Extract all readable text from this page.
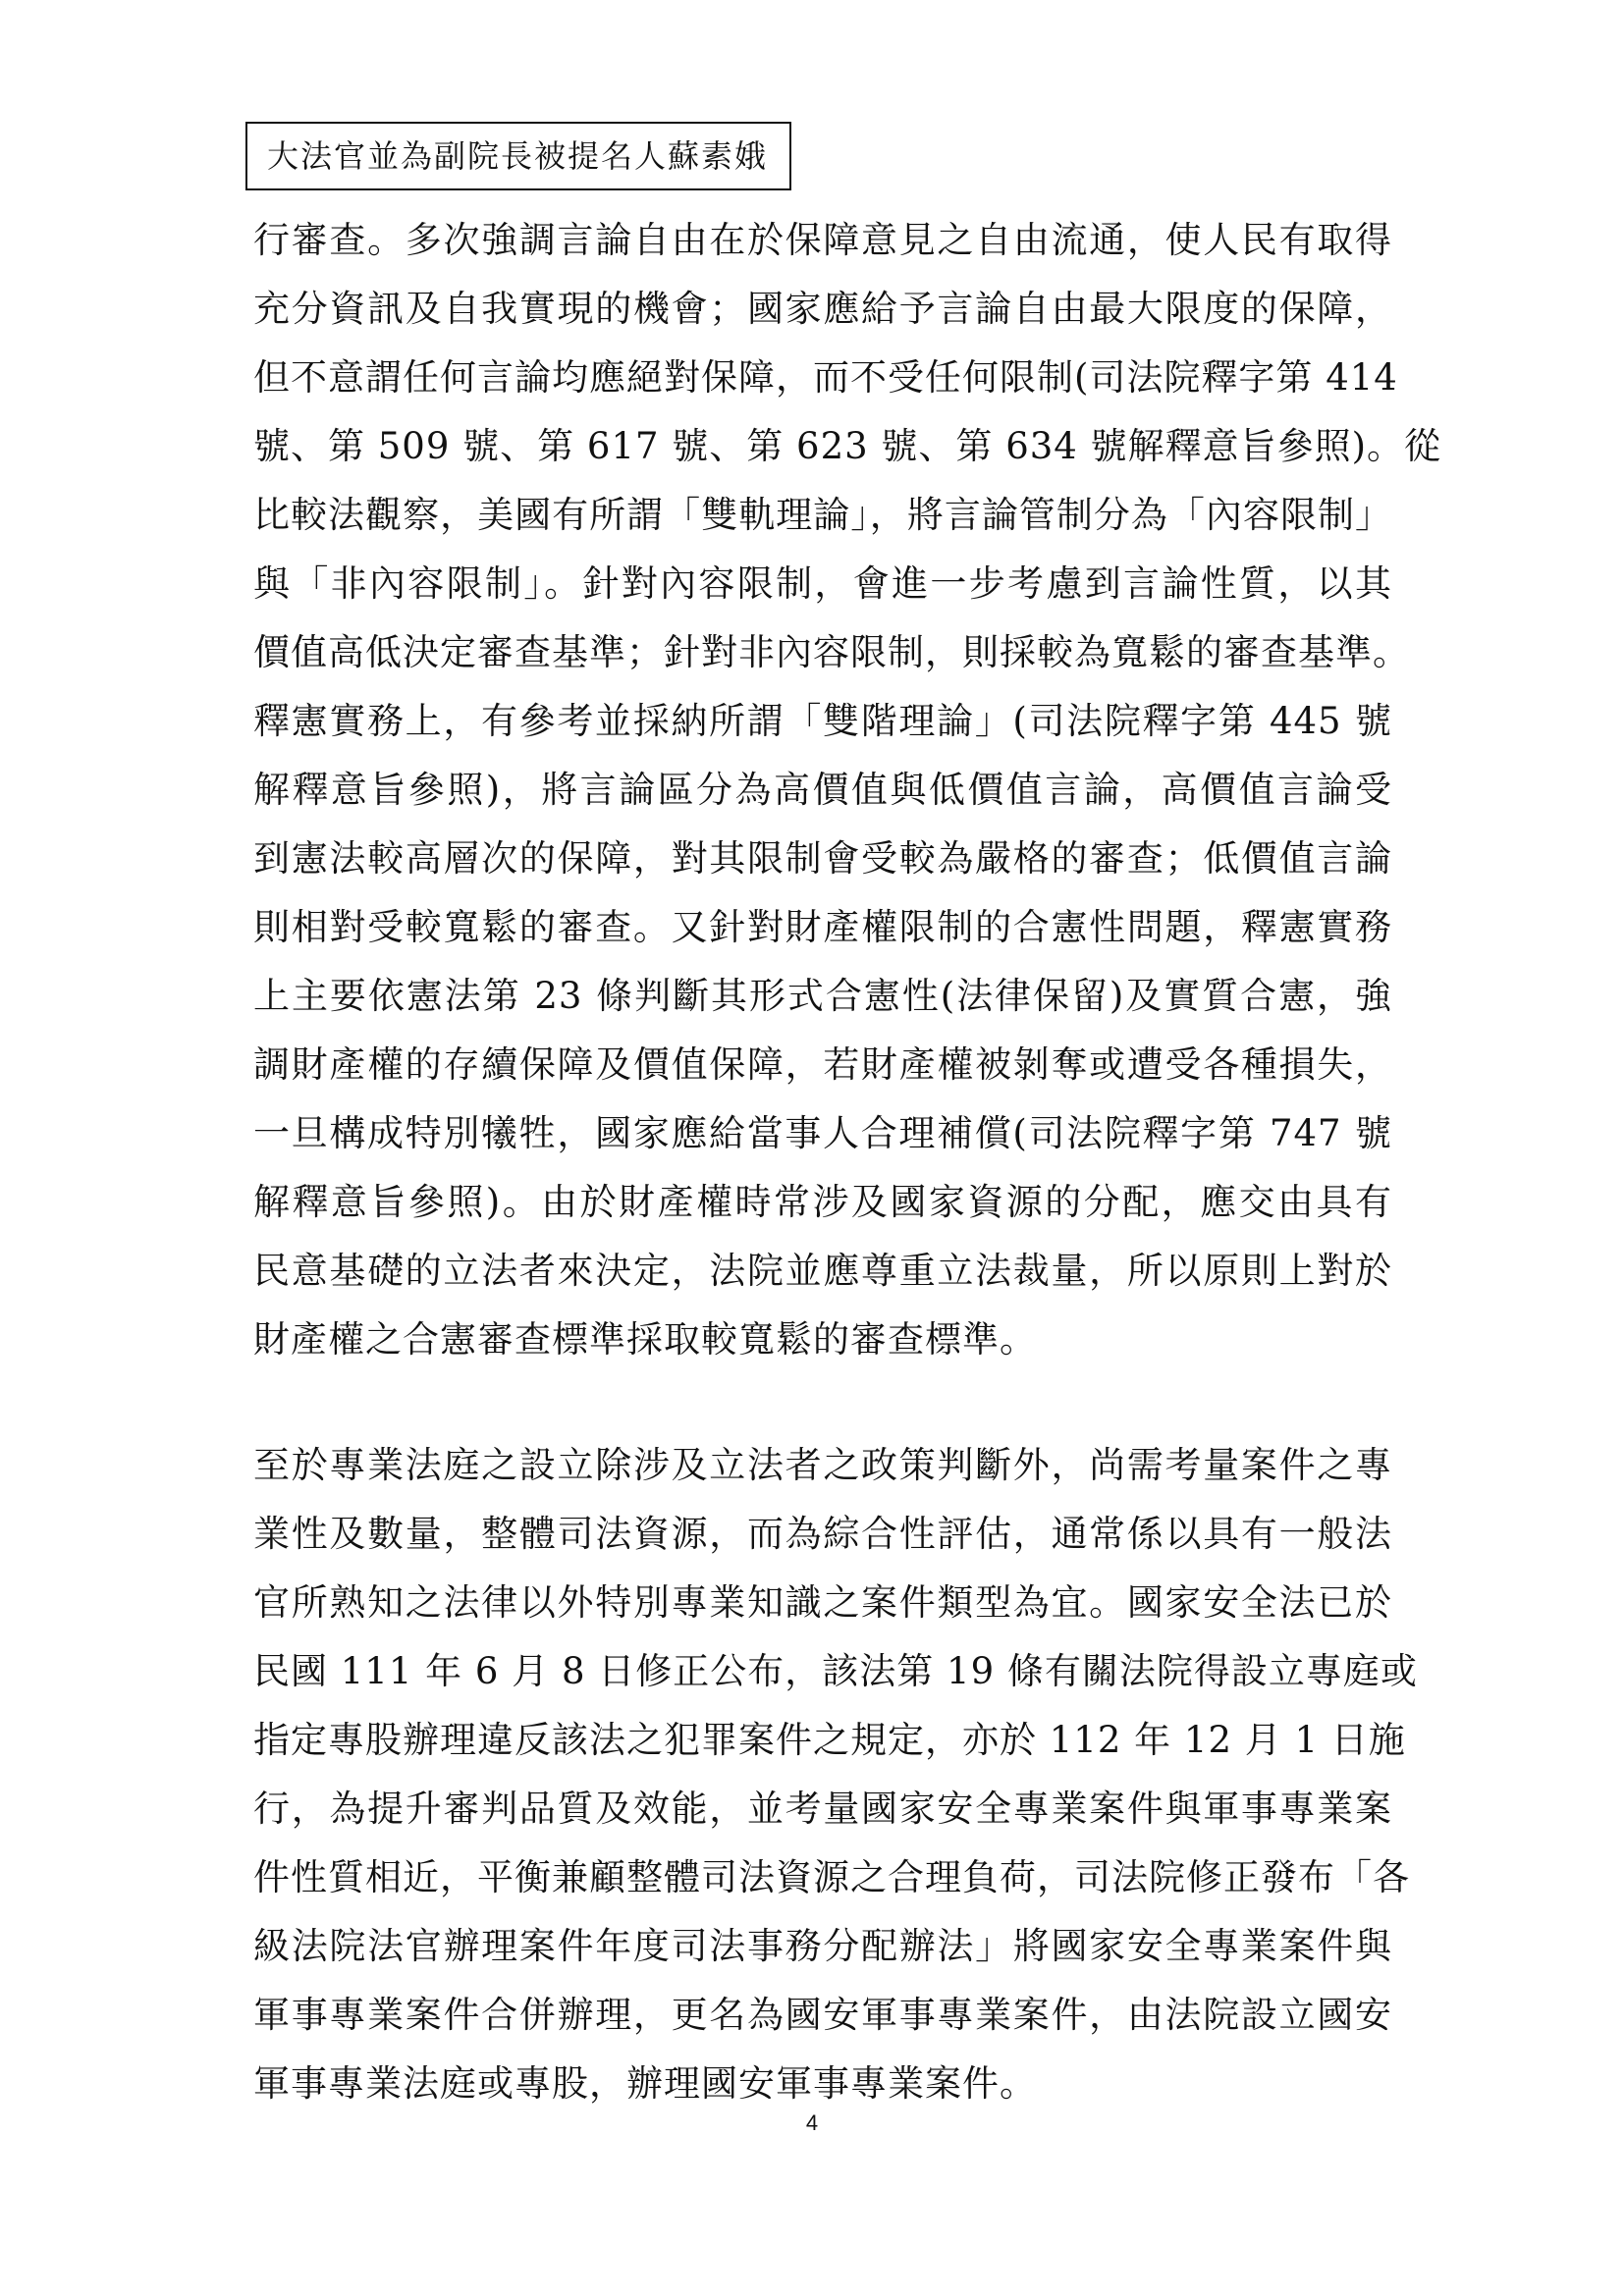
大法官並為副院長被提名人蘇素娥
行審查。多次強調言論自由在於保障意見之自由流通，使人民有取得
充分資訊及自我實現的機會；國家應給予言論自由最大限度的保障，
但不意謂任何言論均應絕對保障，而不受任何限制(司法院釋字第 414
號、第 509 號、第 617 號、第 623 號、第 634 號解釋意旨參照)。從
比較法觀察，美國有所謂「雙軌理論」，將言論管制分為「內容限制」
與「非內容限制」。針對內容限制，會進一步考慮到言論性質，以其
價值高低決定審查基準；針對非內容限制，則採較為寬鬆的審查基準。
釋憲實務上，有參考並採納所謂「雙階理論」(司法院釋字第 445 號
解釋意旨參照)，將言論區分為高價值與低價值言論，高價值言論受
到憲法較高層次的保障，對其限制會受較為嚴格的審查；低價值言論
則相對受較寬鬆的審查。又針對財產權限制的合憲性問題，釋憲實務
上主要依憲法第 23 條判斷其形式合憲性(法律保留)及實質合憲，強
調財產權的存續保障及價值保障，若財產權被剝奪或遭受各種損失，
一旦構成特別犧牲，國家應給當事人合理補償(司法院釋字第 747 號
解釋意旨參照)。由於財產權時常涉及國家資源的分配，應交由具有
民意基礎的立法者來決定，法院並應尊重立法裁量，所以原則上對於
財產權之合憲審查標準採取較寬鬆的審查標準。
至於專業法庭之設立除涉及立法者之政策判斷外，尚需考量案件之專
業性及數量，整體司法資源，而為綜合性評估，通常係以具有一般法
官所熟知之法律以外特別專業知識之案件類型為宜。國家安全法已於
民國 111 年 6 月 8 日修正公布，該法第 19 條有關法院得設立專庭或
指定專股辦理違反該法之犯罪案件之規定，亦於 112 年 12 月 1 日施
行，為提升審判品質及效能，並考量國家安全專業案件與軍事專業案
件性質相近，平衡兼顧整體司法資源之合理負荷，司法院修正發布「各
級法院法官辦理案件年度司法事務分配辦法」將國家安全專業案件與
軍事專業案件合併辦理，更名為國安軍事專業案件，由法院設立國安
軍事專業法庭或專股，辦理國安軍事專業案件。
4
